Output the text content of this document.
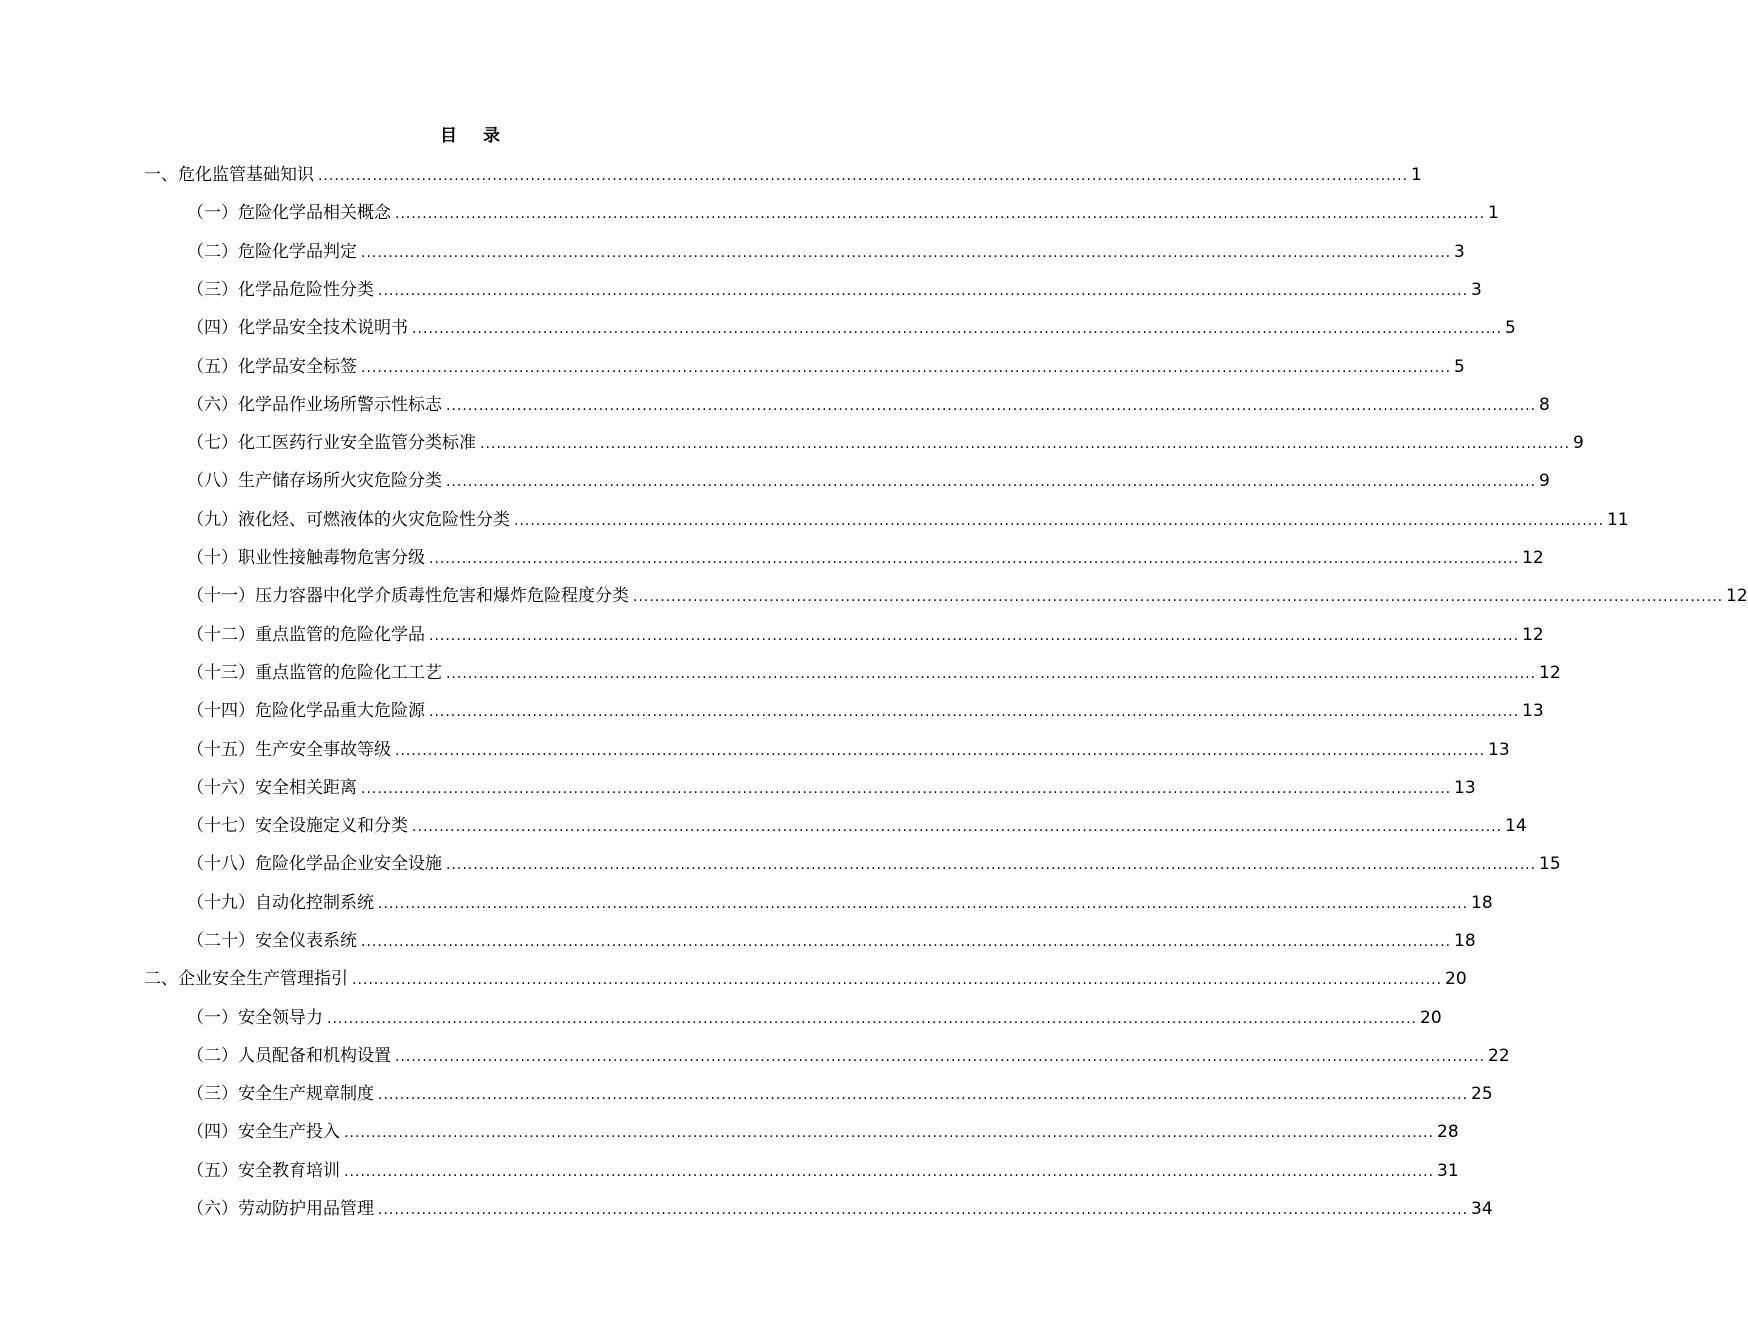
目 录
一、危化监管基础知识 ........................................................................................................................................................................................................ 1
（一）危险化学品相关概念 ........................................................................................................................................................................................................ 1
（二）危险化学品判定 ........................................................................................................................................................................................................ 3
（三）化学品危险性分类 ........................................................................................................................................................................................................ 3
（四）化学品安全技术说明书 ........................................................................................................................................................................................................ 5
（五）化学品安全标签 ........................................................................................................................................................................................................ 5
（六）化学品作业场所警示性标志 ........................................................................................................................................................................................................ 8
（七）化工医药行业安全监管分类标准 ........................................................................................................................................................................................................ 9
（八）生产储存场所火灾危险分类 ........................................................................................................................................................................................................ 9
（九）液化烃、可燃液体的火灾危险性分类 ........................................................................................................................................................................................................ 11
（十）职业性接触毒物危害分级 ........................................................................................................................................................................................................ 12
（十一）压力容器中化学介质毒性危害和爆炸危险程度分类 ........................................................................................................................................................................................................ 12
（十二）重点监管的危险化学品 ........................................................................................................................................................................................................ 12
（十三）重点监管的危险化工工艺 ........................................................................................................................................................................................................ 12
（十四）危险化学品重大危险源 ........................................................................................................................................................................................................ 13
（十五）生产安全事故等级 ........................................................................................................................................................................................................ 13
（十六）安全相关距离 ........................................................................................................................................................................................................ 13
（十七）安全设施定义和分类 ........................................................................................................................................................................................................ 14
（十八）危险化学品企业安全设施 ........................................................................................................................................................................................................ 15
（十九）自动化控制系统 ........................................................................................................................................................................................................ 18
（二十）安全仪表系统 ........................................................................................................................................................................................................ 18
二、企业安全生产管理指引 ........................................................................................................................................................................................................ 20
（一）安全领导力 ........................................................................................................................................................................................................ 20
（二）人员配备和机构设置 ........................................................................................................................................................................................................ 22
（三）安全生产规章制度 ........................................................................................................................................................................................................ 25
（四）安全生产投入 ........................................................................................................................................................................................................ 28
（五）安全教育培训 ........................................................................................................................................................................................................ 31
（六）劳动防护用品管理 ........................................................................................................................................................................................................ 34
